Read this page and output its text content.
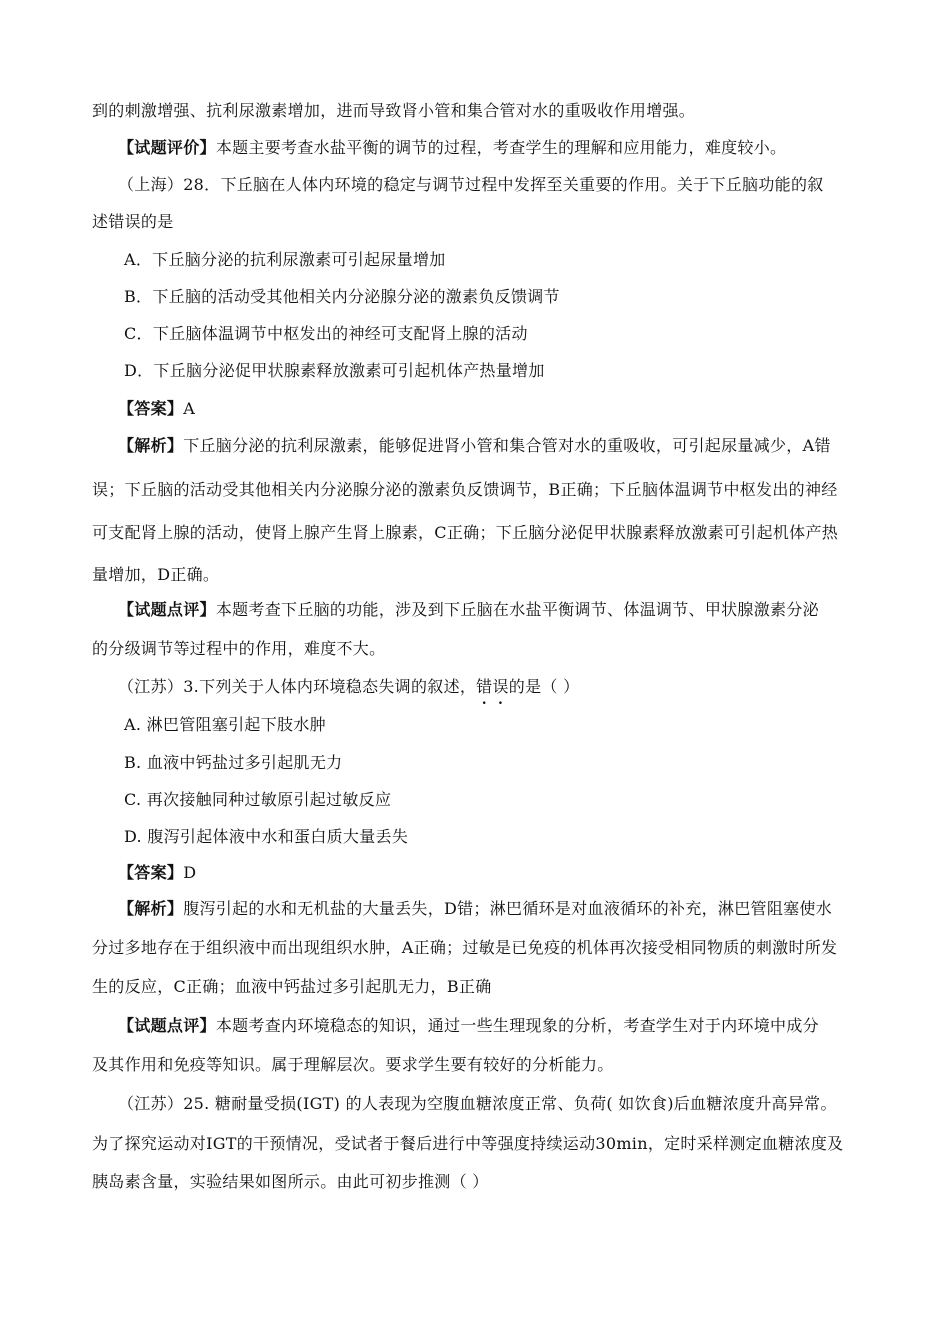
到的刺激增强、抗利尿激素增加，进而导致肾小管和集合管对水的重吸收作用增强。
【试题评价】本题主要考查水盐平衡的调节的过程，考查学生的理解和应用能力，难度较小。
（上海）28．下丘脑在人体内环境的稳定与调节过程中发挥至关重要的作用。关于下丘脑功能的叙
述错误的是
A．下丘脑分泌的抗利尿激素可引起尿量增加
B．下丘脑的活动受其他相关内分泌腺分泌的激素负反馈调节
C．下丘脑体温调节中枢发出的神经可支配肾上腺的活动
D．下丘脑分泌促甲状腺素释放激素可引起机体产热量增加
【答案】A
【解析】下丘脑分泌的抗利尿激素，能够促进肾小管和集合管对水的重吸收，可引起尿量减少，A错
误；下丘脑的活动受其他相关内分泌腺分泌的激素负反馈调节，B正确；下丘脑体温调节中枢发出的神经
可支配肾上腺的活动，使肾上腺产生肾上腺素，C正确；下丘脑分泌促甲状腺素释放激素可引起机体产热
量增加，D正确。
【试题点评】本题考查下丘脑的功能，涉及到下丘脑在水盐平衡调节、体温调节、甲状腺激素分泌
的分级调节等过程中的作用，难度不大。
（江苏）3.下列关于人体内环境稳态失调的叙述，错误的是（ ）
A. 淋巴管阻塞引起下肢水肿
B. 血液中钙盐过多引起肌无力
C. 再次接触同种过敏原引起过敏反应
D. 腹泻引起体液中水和蛋白质大量丢失
【答案】D
【解析】腹泻引起的水和无机盐的大量丢失，D错；淋巴循环是对血液循环的补充，淋巴管阻塞使水
分过多地存在于组织液中而出现组织水肿，A正确；过敏是已免疫的机体再次接受相同物质的刺激时所发
生的反应，C正确；血液中钙盐过多引起肌无力，B正确
【试题点评】本题考查内环境稳态的知识，通过一些生理现象的分析，考查学生对于内环境中成分
及其作用和免疫等知识。属于理解层次。要求学生要有较好的分析能力。
（江苏）25. 糖耐量受损(IGT) 的人表现为空腹血糖浓度正常、负荷( 如饮食)后血糖浓度升高异常。
为了探究运动对IGT的干预情况，受试者于餐后进行中等强度持续运动30min，定时采样测定血糖浓度及
胰岛素含量，实验结果如图所示。由此可初步推测（ ）
